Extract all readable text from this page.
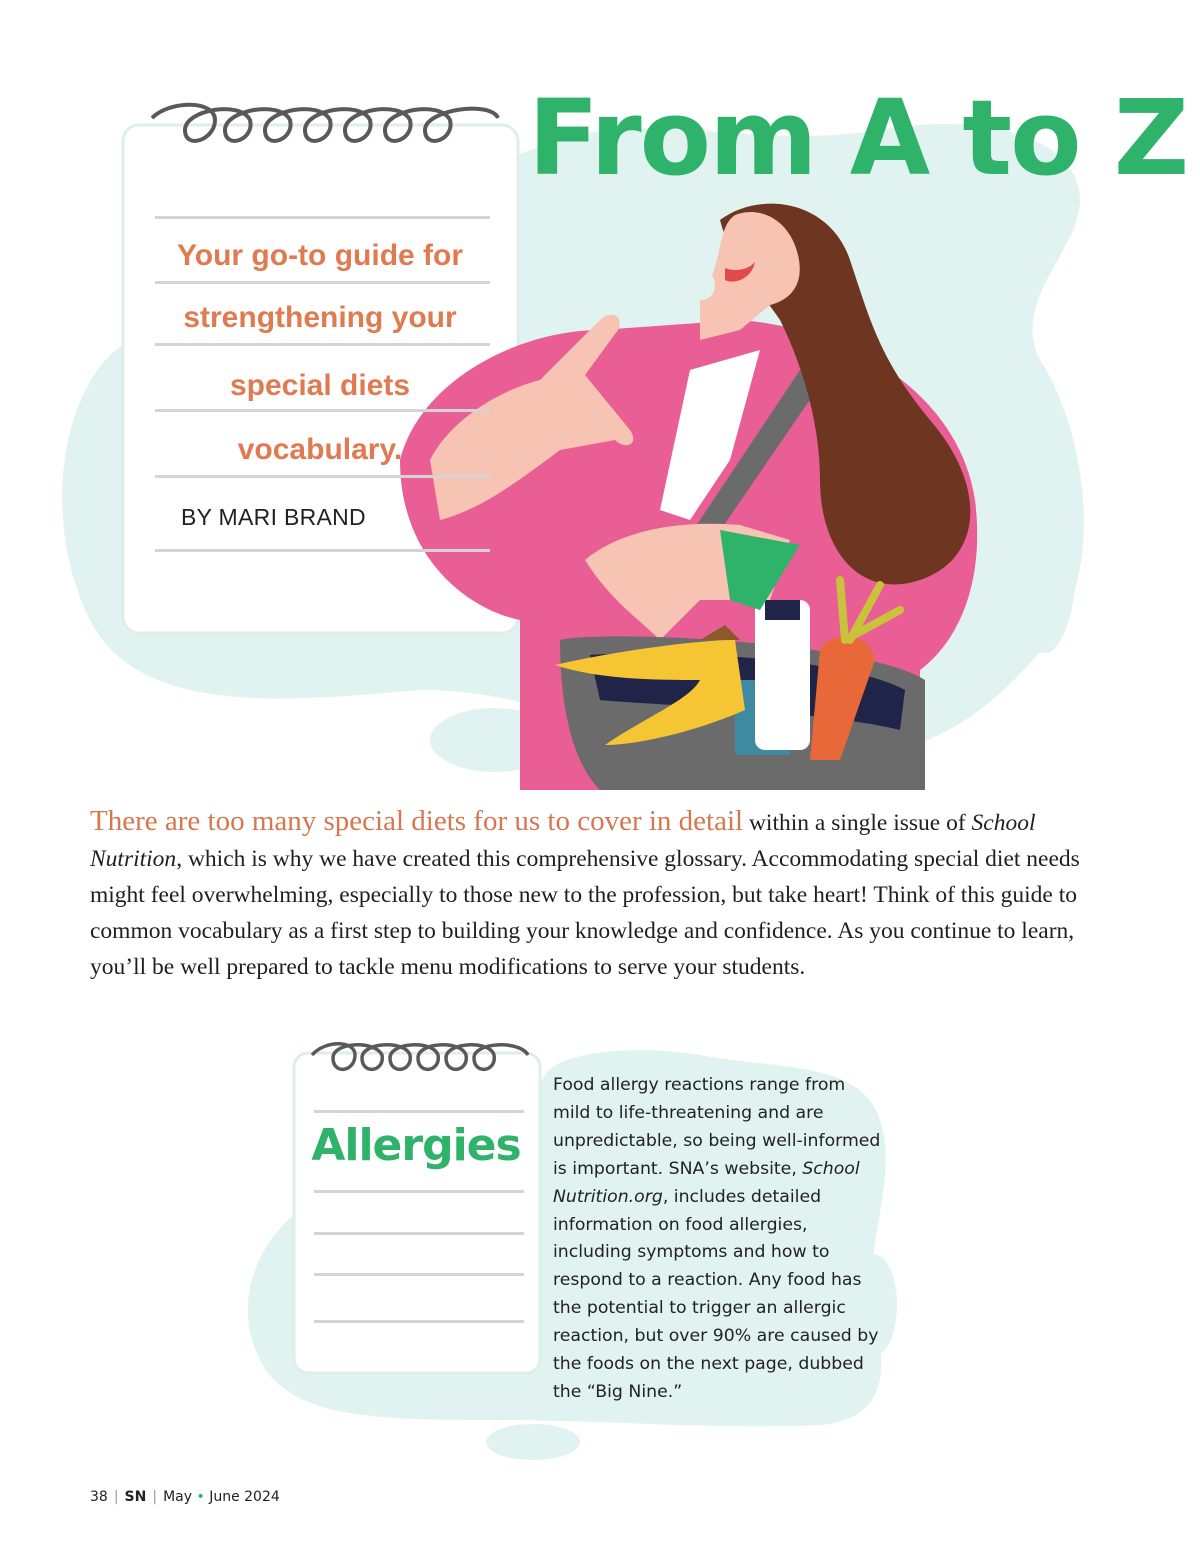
From A to Z
Your go-to guide for
strengthening your
special diets
vocabulary.
BY MARI BRAND
There are too many special diets for us to cover in detail within a single issue of School Nutrition, which is why we have created this comprehensive glossary. Accommodating special diet needs might feel overwhelming, especially to those new to the profession, but take heart! Think of this guide to common vocabulary as a first step to building your knowledge and confidence. As you continue to learn, you’ll be well prepared to tackle menu modifications to serve your students.
Allergies
Food allergy reactions range from mild to life-threatening and are unpredictable, so being well-informed is important. SNA’s website, School Nutrition.org, includes detailed information on food allergies, including symptoms and how to respond to a reaction. Any food has the potential to trigger an allergic reaction, but over 90% are caused by the foods on the next page, dubbed the “Big Nine.”
38 | SN | May • June 2024
